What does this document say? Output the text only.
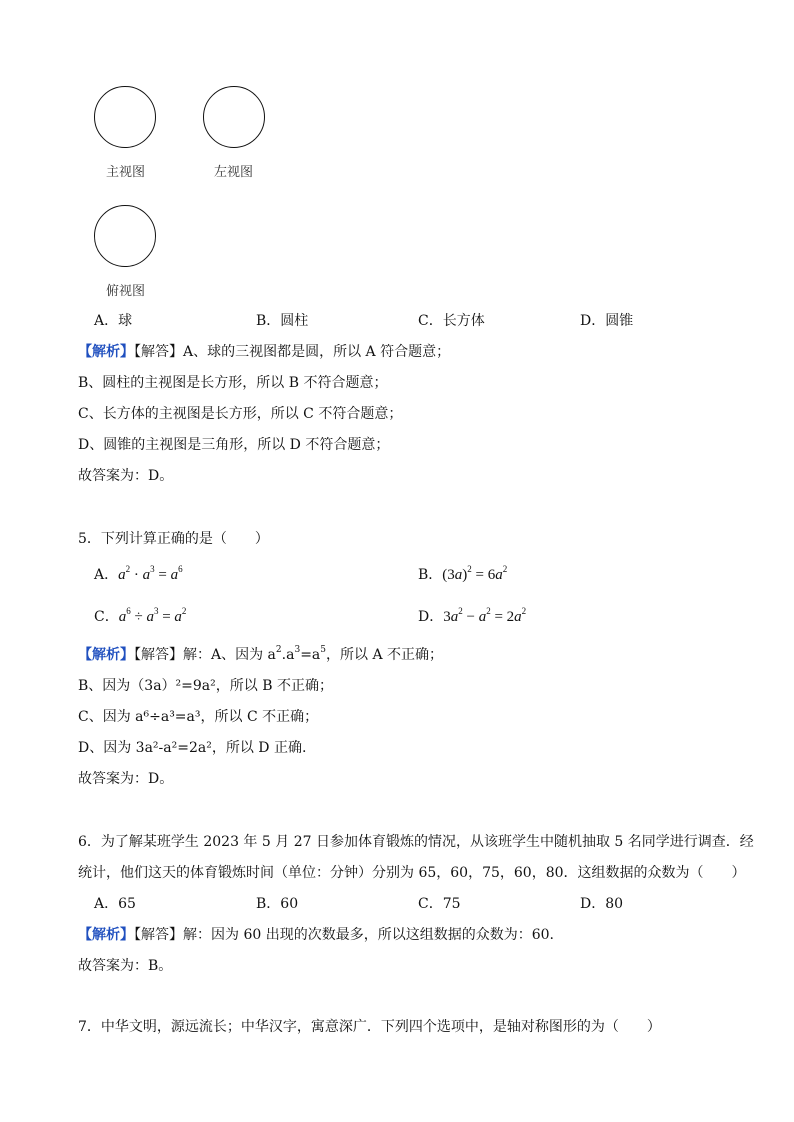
主视图	左视图
俯视图
A．球	B．圆柱	C．长方体	D．圆锥
【解析】【解答】A、球的三视图都是圆，所以 A 符合题意；
B、圆柱的主视图是长方形，所以 B 不符合题意；
C、长方体的主视图是长方形，所以 C 不符合题意；
D、圆锥的主视图是三角形，所以 D 不符合题意；
故答案为：D。
5．下列计算正确的是（　　）
A．$a^2 \cdot a^3 = a^6$	B．$(3a)^2 = 6a^2$
C．$a^6 \div a^3 = a^2$	D．$3a^2 - a^2 = 2a^2$
【解析】【解答】解：A、因为 $a^2.a^3=a^5$，所以 A 不正确；
B、因为（3a）²=9a²，所以 B 不正确；
C、因为 a⁶÷a³=a³，所以 C 不正确；
D、因为 3a²-a²=2a²，所以 D 正确.
故答案为：D。
6．为了解某班学生 2023 年 5 月 27 日参加体育锻炼的情况，从该班学生中随机抽取 5 名同学进行调查．经
统计，他们这天的体育锻炼时间（单位：分钟）分别为 65，60，75，60，80．这组数据的众数为（　　）
A．65	B．60	C．75	D．80
【解析】【解答】解：因为 60 出现的次数最多，所以这组数据的众数为：60.
故答案为：B。
7．中华文明，源远流长；中华汉字，寓意深广．下列四个选项中，是轴对称图形的为（　　）
